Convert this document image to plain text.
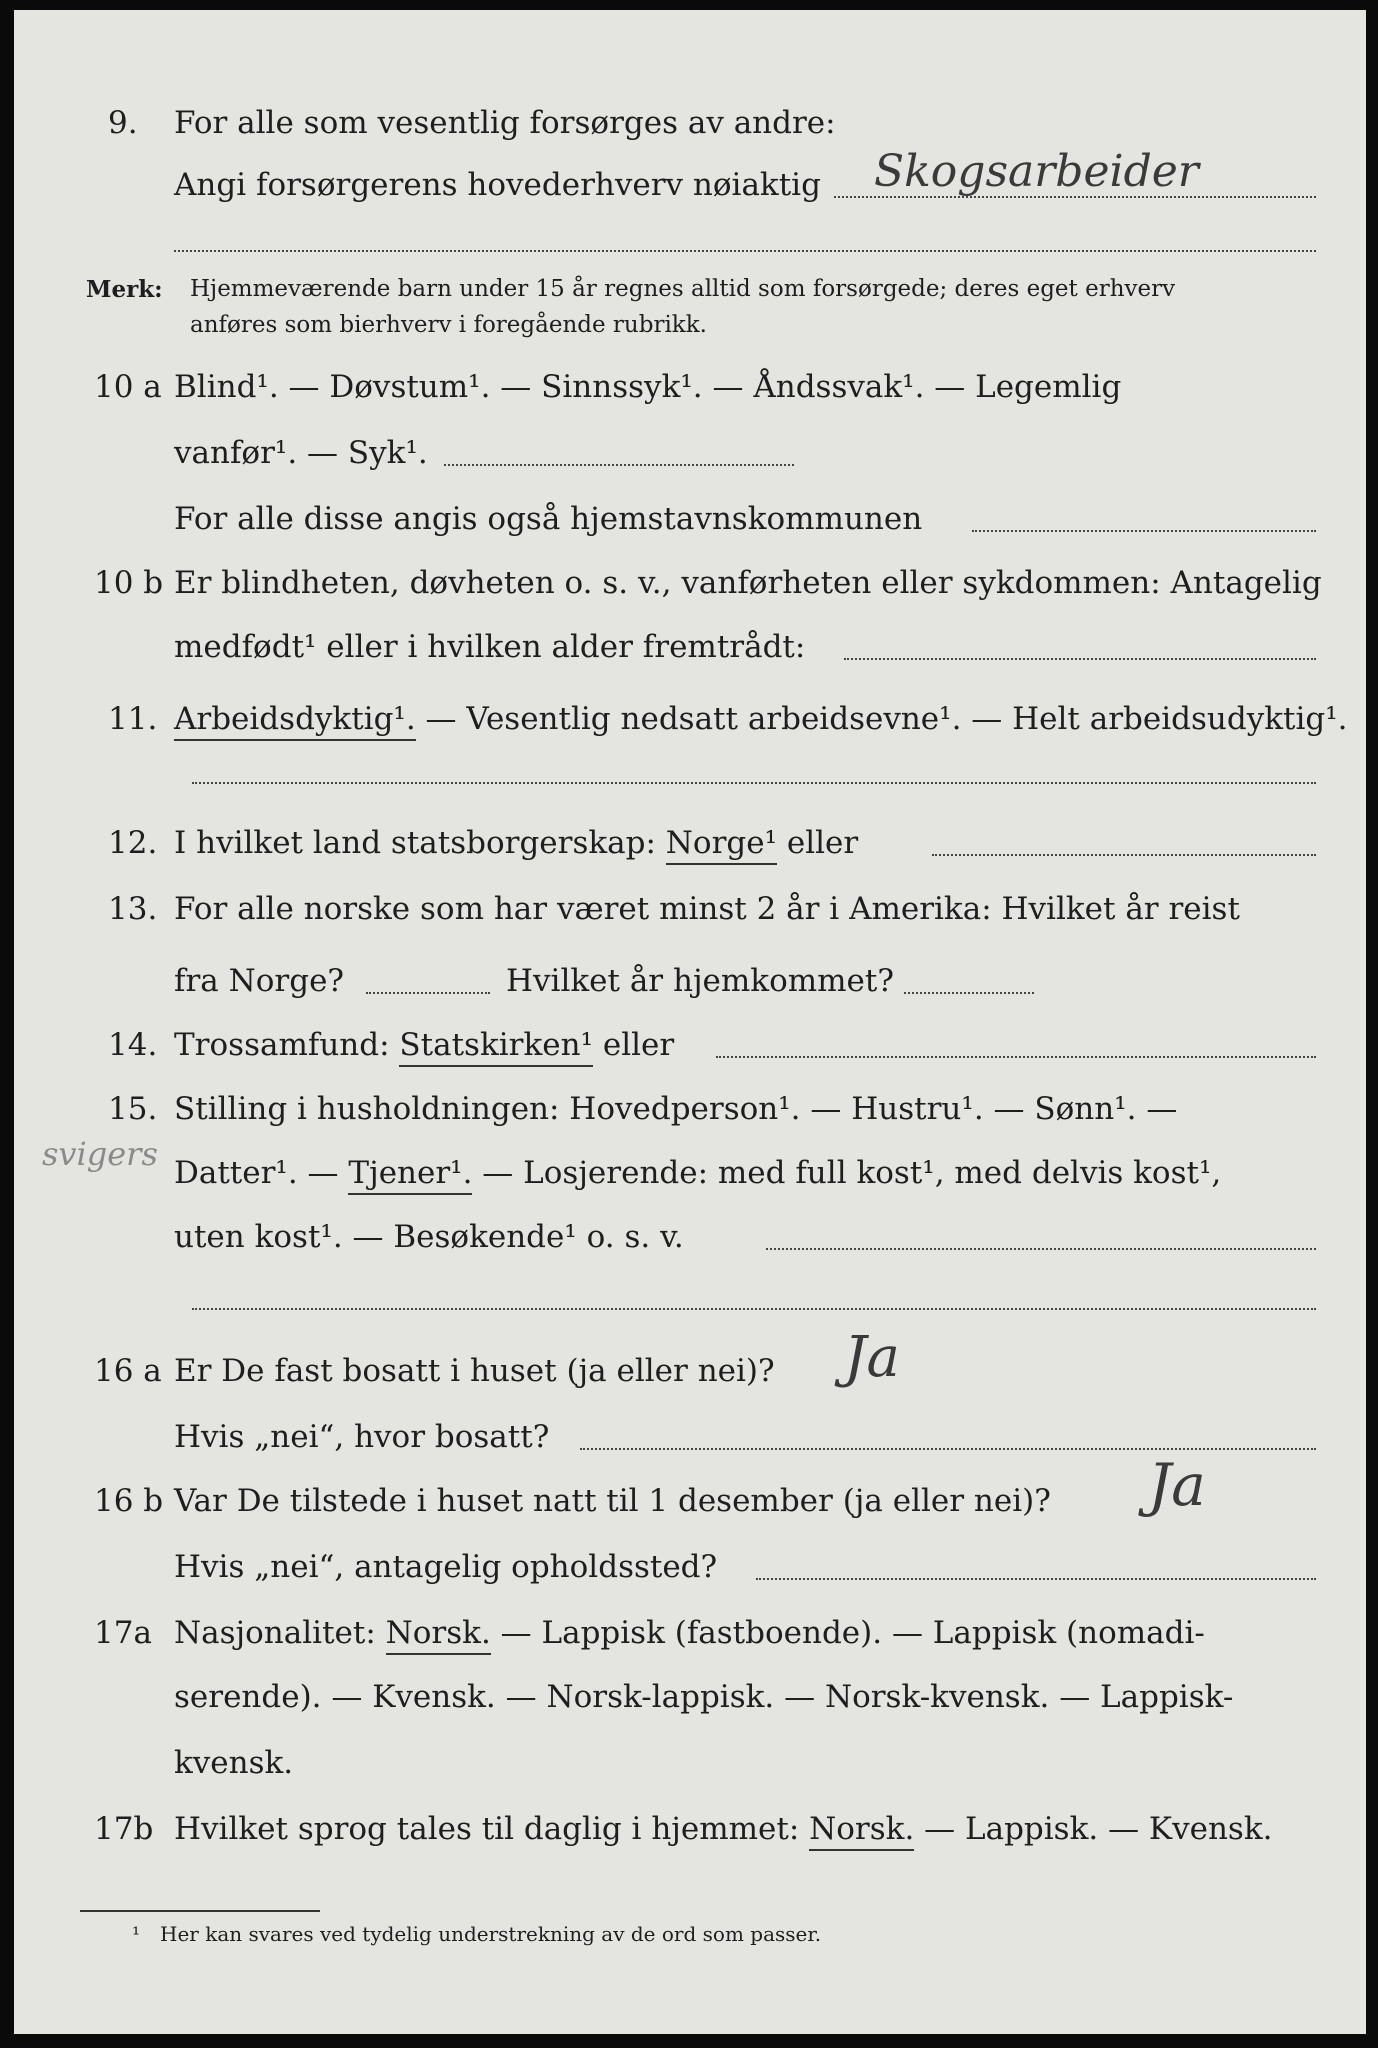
9. For alle som vesentlig forsørges av andre:
Angi forsørgerens hovederhverv nøiaktig Skogsarbeider
Merk: Hjemmeværende barn under 15 år regnes alltid som forsørgede; deres eget erhverv
anføres som bierhverv i foregående rubrikk.
10 a Blind¹. — Døvstum¹. — Sinnssyk¹. — Åndssvak¹. — Legemlig
vanfør¹. — Syk¹.
For alle disse angis også hjemstavnskommunen
10 b Er blindheten, døvheten o. s. v., vanførheten eller sykdommen: Antagelig
medfødt¹ eller i hvilken alder fremtrådt:
11. Arbeidsdyktig¹. — Vesentlig nedsatt arbeidsevne¹. — Helt arbeidsudyktig¹.
12. I hvilket land statsborgerskap: Norge¹ eller
13. For alle norske som har været minst 2 år i Amerika: Hvilket år reist
fra Norge?	Hvilket år hjemkommet?
14. Trossamfund: Statskirken¹ eller
15. Stilling i husholdningen: Hovedperson¹. — Hustru¹. — Sønn¹. —
svigers Datter¹. — Tjener¹. — Losjerende: med full kost¹, med delvis kost¹,
uten kost¹. — Besøkende¹ o. s. v.
16 a Er De fast bosatt i huset (ja eller nei)? Ja
Hvis „nei“, hvor bosatt?
16 b Var De tilstede i huset natt til 1 desember (ja eller nei)? Ja
Hvis „nei“, antagelig opholdssted?
17a Nasjonalitet: Norsk. — Lappisk (fastboende). — Lappisk (nomadi-
serende). — Kvensk. — Norsk-lappisk. — Norsk-kvensk. — Lappisk-
kvensk.
17b Hvilket sprog tales til daglig i hjemmet: Norsk. — Lappisk. — Kvensk.
¹ Her kan svares ved tydelig understrekning av de ord som passer.
